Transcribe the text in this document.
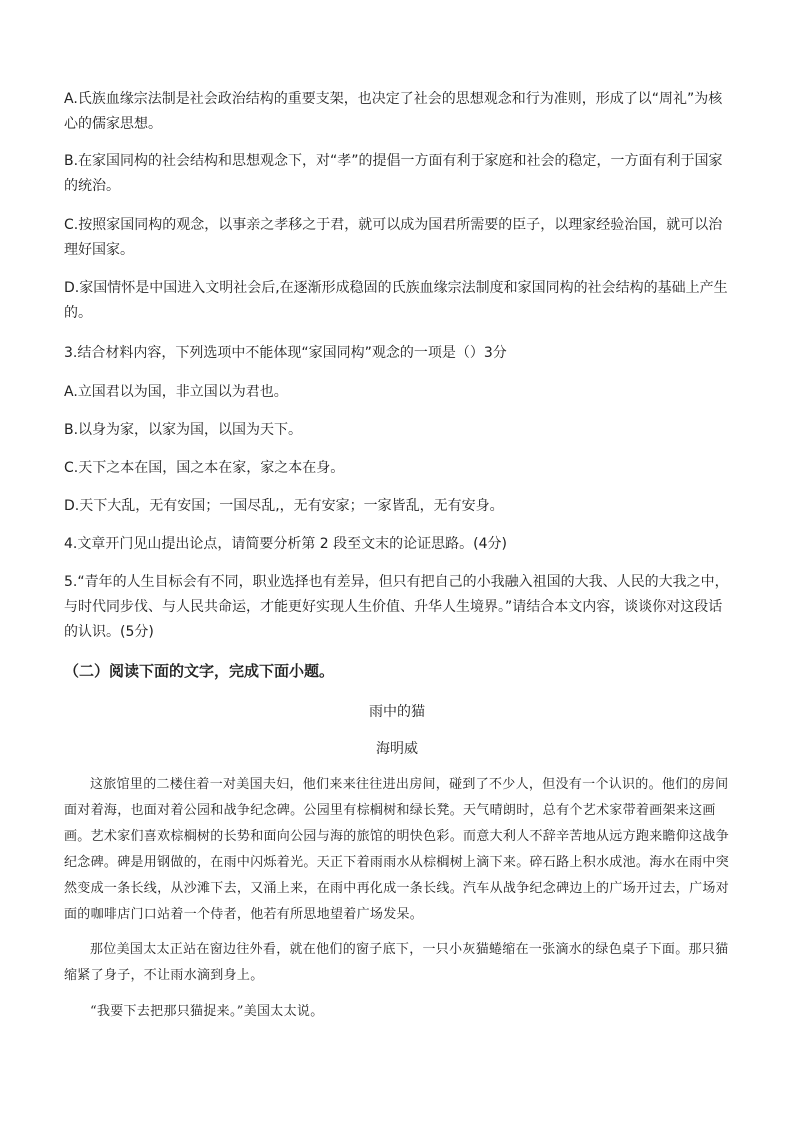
A.氏族血缘宗法制是社会政治结构的重要支架，也决定了社会的思想观念和行为准则，形成了以“周礼”为核心的儒家思想。

B.在家国同构的社会结构和思想观念下，对“孝”的提倡一方面有利于家庭和社会的稳定，一方面有利于国家的统治。

C.按照家国同构的观念，以事亲之孝移之于君，就可以成为国君所需要的臣子，以理家经验治国，就可以治理好国家。

D.家国情怀是中国进入文明社会后,在逐渐形成稳固的氏族血缘宗法制度和家国同构的社会结构的基础上产生的。

3.结合材料内容，下列选项中不能体现“家国同构”观念的一项是（）3分

A.立国君以为国，非立国以为君也。

B.以身为家，以家为国，以国为天下。

C.天下之本在国，国之本在家，家之本在身。

D.天下大乱，无有安国；一国尽乱,，无有安家；一家皆乱，无有安身。

4.文章开门见山提出论点，请简要分析第 2 段至文末的论证思路。(4分)

5.“青年的人生目标会有不同，职业选择也有差异，但只有把自己的小我融入祖国的大我、人民的大我之中，与时代同步伐、与人民共命运，才能更好实现人生价值、升华人生境界。”请结合本文内容，谈谈你对这段话的认识。(5分)

（二）阅读下面的文字，完成下面小题。

雨中的猫

海明威

这旅馆里的二楼住着一对美国夫妇，他们来来往往进出房间，碰到了不少人，但没有一个认识的。他们的房间面对着海，也面对着公园和战争纪念碑。公园里有棕榈树和绿长凳。天气晴朗时，总有个艺术家带着画架来这画画。艺术家们喜欢棕榈树的长势和面向公园与海的旅馆的明快色彩。而意大利人不辞辛苦地从远方跑来瞻仰这战争纪念碑。碑是用钢做的，在雨中闪烁着光。天正下着雨雨水从棕榈树上滴下来。碎石路上积水成池。海水在雨中突然变成一条长线，从沙滩下去，又涌上来，在雨中再化成一条长线。汽车从战争纪念碑边上的广场开过去，广场对面的咖啡店门口站着一个侍者，他若有所思地望着广场发呆。

那位美国太太正站在窗边往外看，就在他们的窗子底下，一只小灰猫蜷缩在一张滴水的绿色桌子下面。那只猫缩紧了身子，不让雨水滴到身上。

“我要下去把那只猫捉来。”美国太太说。
